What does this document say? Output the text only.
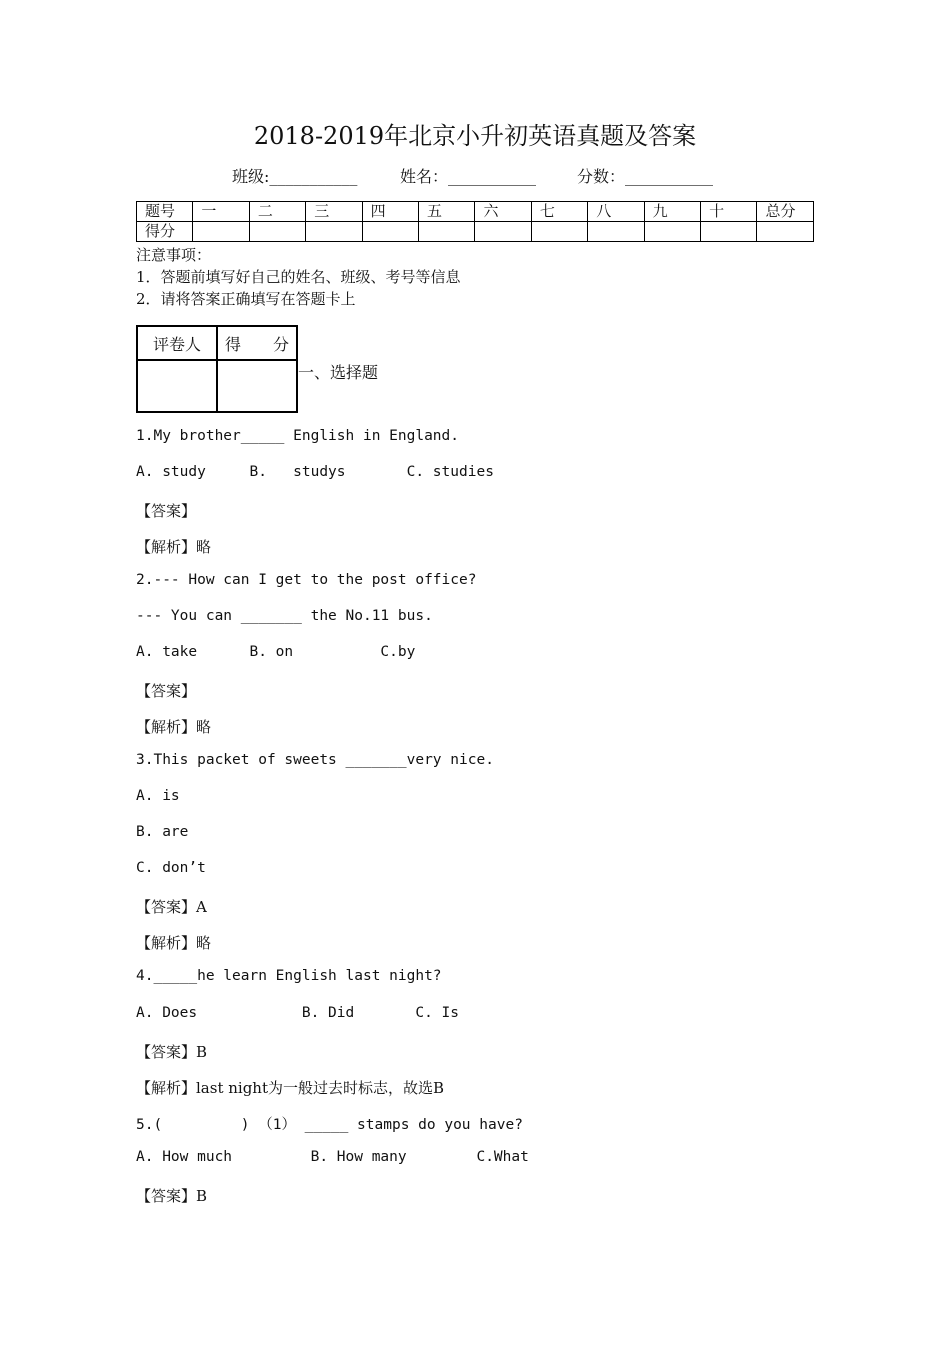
2018-2019年北京小升初英语真题及答案
班级:___________	姓名：___________	分数：___________
题号	一	二	三	四	五	六	七	八	九	十	总分
得分											
注意事项：
1．答题前填写好自己的姓名、班级、考号等信息
2．请将答案正确填写在答题卡上
评卷人	得　　分

一、选择题
1.My brother_____ English in England.
A. study     B.   studys       C. studies
【答案】
【解析】略
2.--- How can I get to the post office?
--- You can _______ the No.11 bus.
A. take      B. on          C.by
【答案】
【解析】略
3.This packet of sweets _______very nice.
A. is
B. are
C. don’t
【答案】A
【解析】略
4._____he learn English last night?
A. Does            B. Did       C. Is
【答案】B
【解析】last night为一般过去时标志，故选B
5.(         ) （1） _____ stamps do you have?
A. How much         B. How many        C.What
【答案】B
